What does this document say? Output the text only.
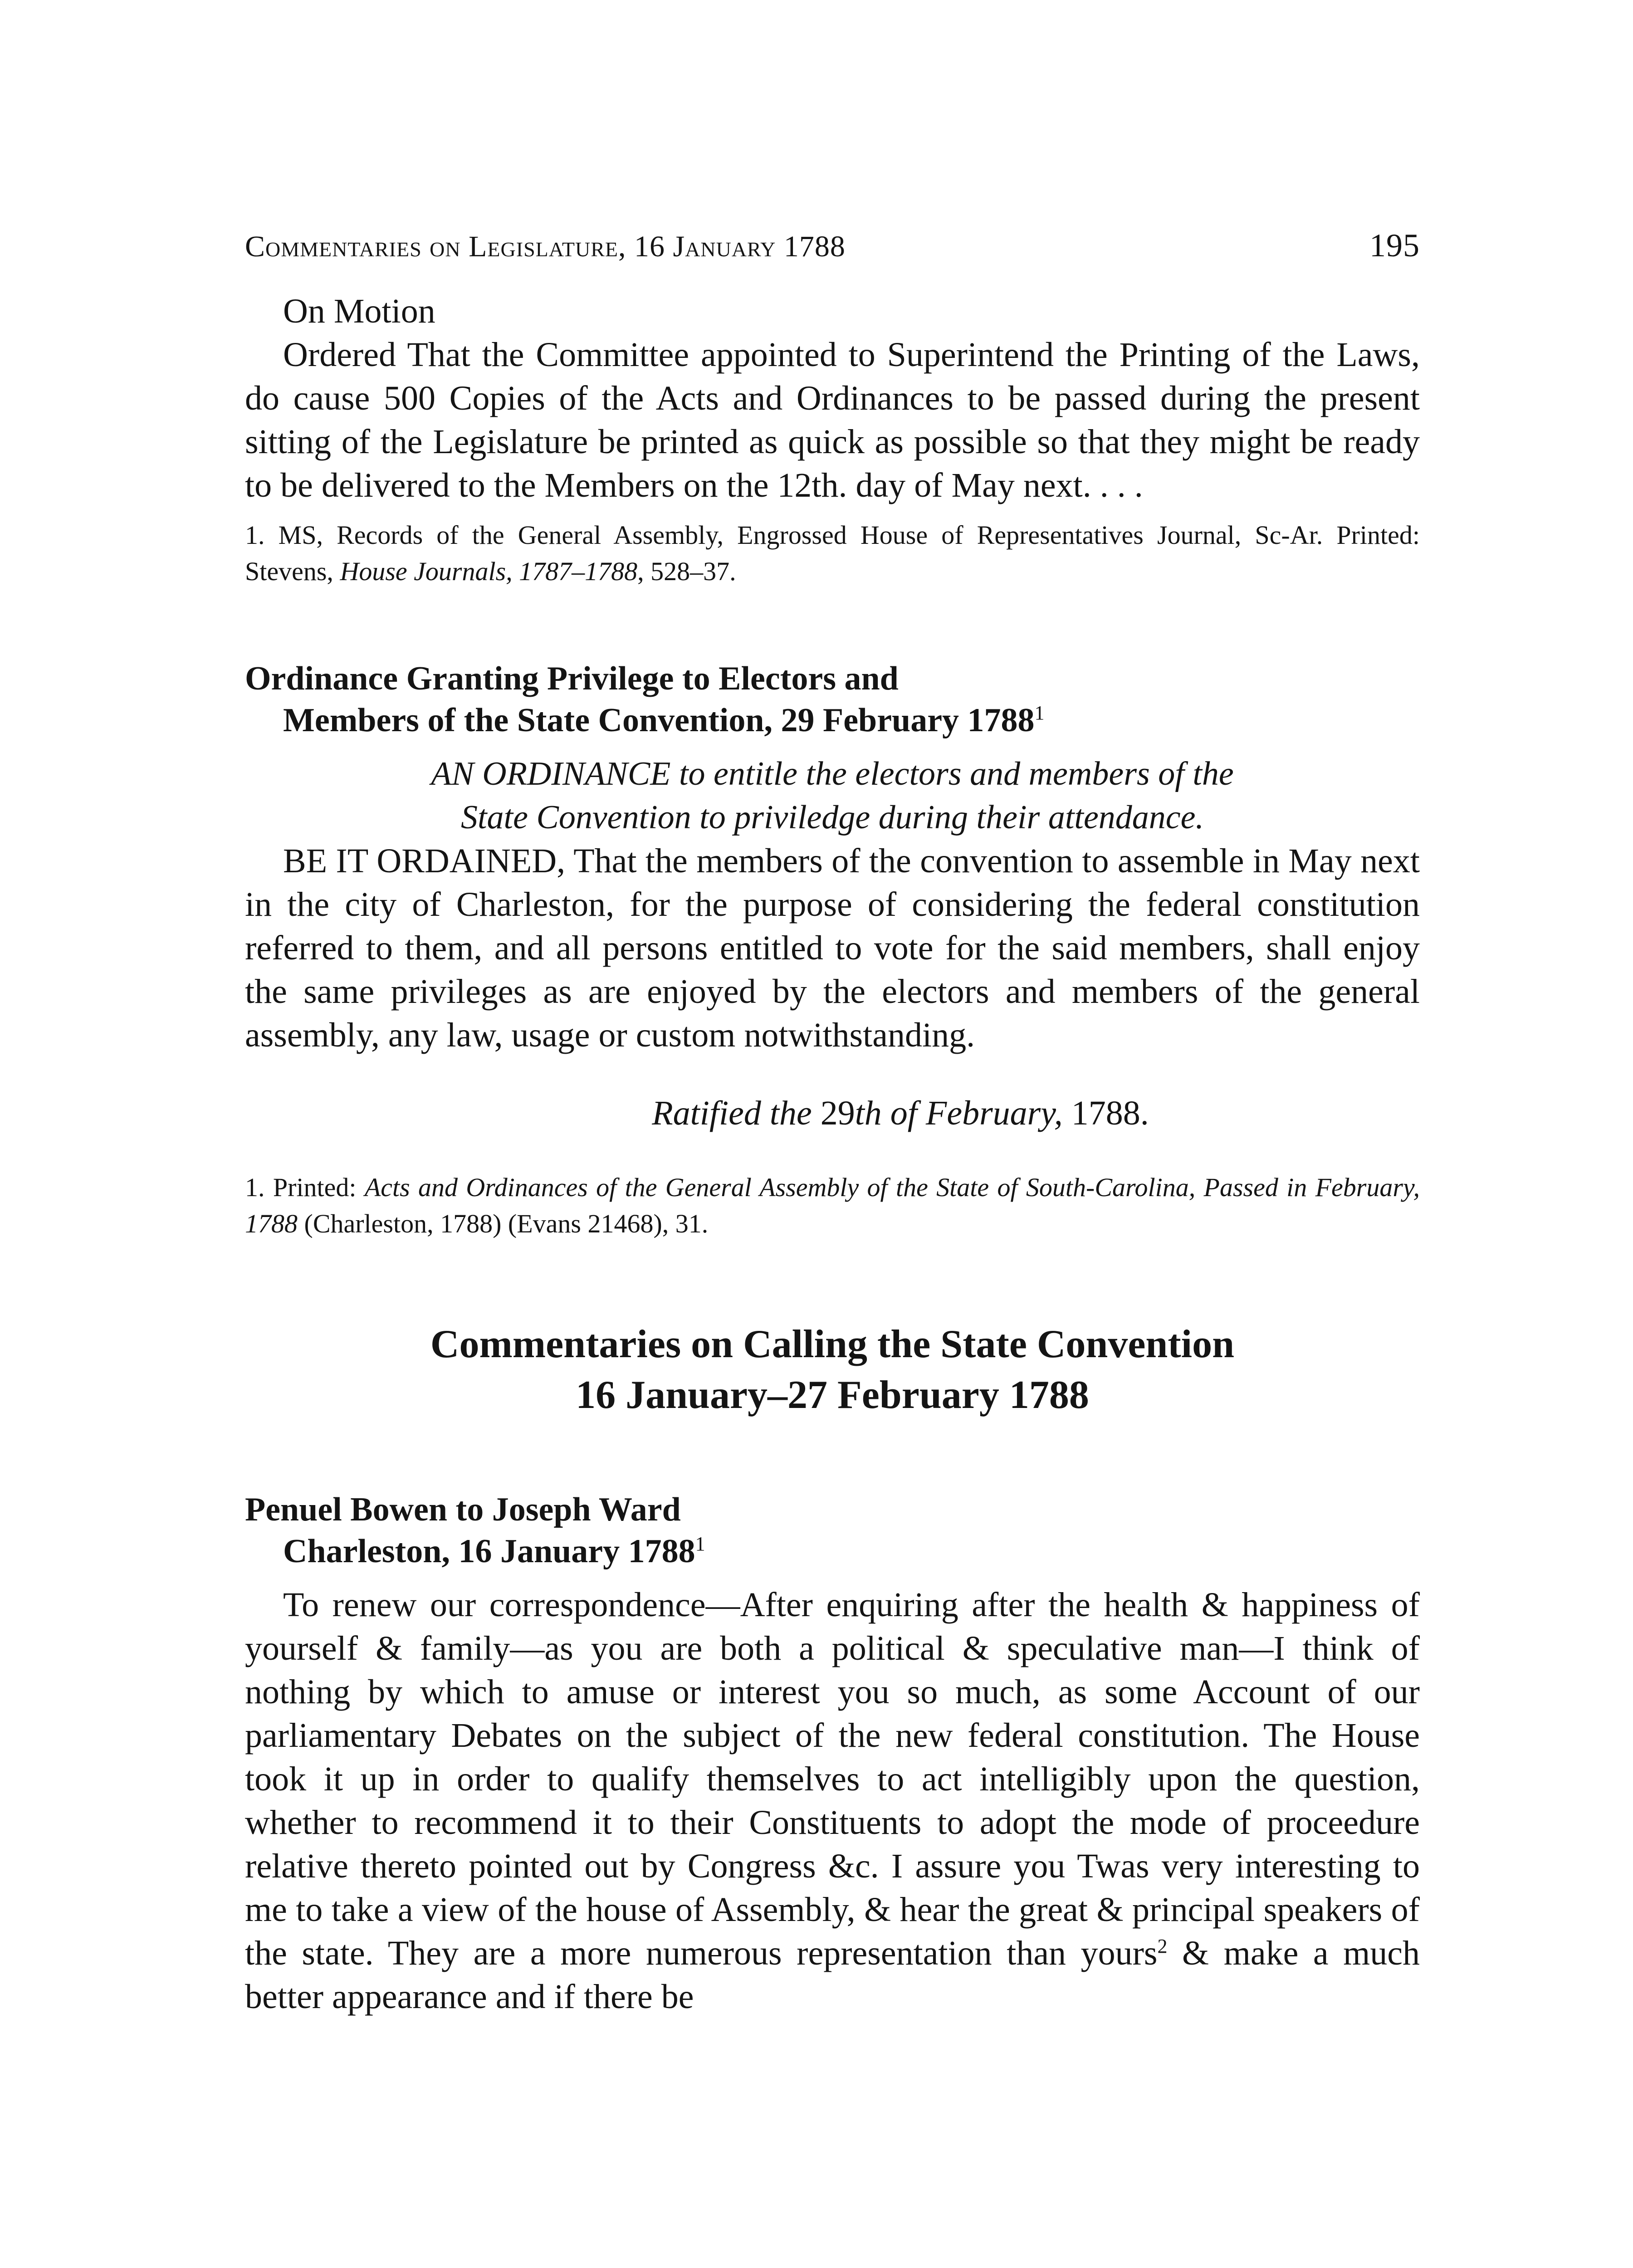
Commentaries on Legislature, 16 January 1788	195

On Motion

Ordered That the Committee appointed to Superintend the Printing of the Laws, do cause 500 Copies of the Acts and Ordinances to be passed during the present sitting of the Legislature be printed as quick as possible so that they might be ready to be delivered to the Members on the 12th. day of May next. . . .

1. MS, Records of the General Assembly, Engrossed House of Representatives Journal, Sc-Ar. Printed: Stevens, House Journals, 1787–1788, 528–37.

Ordinance Granting Privilege to Electors and
Members of the State Convention, 29 February 1788$^1$

AN ORDINANCE to entitle the electors and members of the
State Convention to priviledge during their attendance.

BE IT ORDAINED, That the members of the convention to assemble in May next in the city of Charleston, for the purpose of considering the federal constitution referred to them, and all persons entitled to vote for the said members, shall enjoy the same privileges as are enjoyed by the electors and members of the general assembly, any law, usage or custom notwithstanding.

Ratified the 29th of February, 1788.

1. Printed: Acts and Ordinances of the General Assembly of the State of South-Carolina, Passed in February, 1788 (Charleston, 1788) (Evans 21468), 31.

Commentaries on Calling the State Convention
16 January–27 February 1788
Penuel Bowen to Joseph Ward
Charleston, 16 January 1788$^1$

To renew our correspondence—After enquiring after the health & happiness of yourself & family—as you are both a political & speculative man—I think of nothing by which to amuse or interest you so much, as some Account of our parliamentary Debates on the subject of the new federal constitution. The House took it up in order to qualify themselves to act intelligibly upon the question, whether to recommend it to their Constituents to adopt the mode of proceedure relative thereto pointed out by Congress &c. I assure you Twas very interesting to me to take a view of the house of Assembly, & hear the great & principal speakers of the state. They are a more numerous representation than yours$^2$ & make a much better appearance and if there be
